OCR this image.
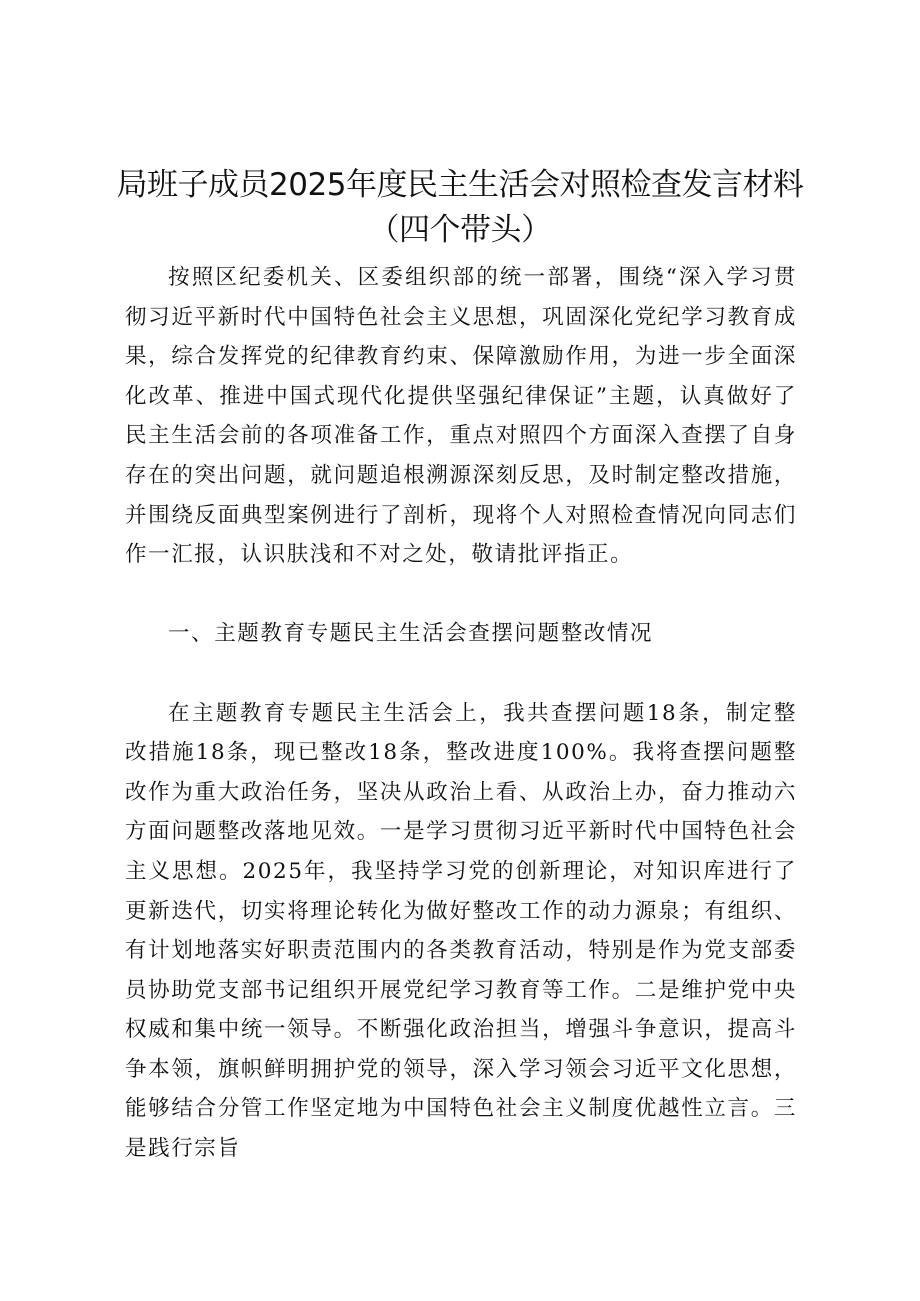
局班子成员2025年度民主生活会对照检查发言材料
（四个带头）

按照区纪委机关、区委组织部的统一部署，围绕“深入学习贯彻习近平新时代中国特色社会主义思想，巩固深化党纪学习教育成果，综合发挥党的纪律教育约束、保障激励作用，为进一步全面深化改革、推进中国式现代化提供坚强纪律保证”主题，认真做好了民主生活会前的各项准备工作，重点对照四个方面深入查摆了自身存在的突出问题，就问题追根溯源深刻反思，及时制定整改措施，并围绕反面典型案例进行了剖析，现将个人对照检查情况向同志们作一汇报，认识肤浅和不对之处，敬请批评指正。

一、主题教育专题民主生活会查摆问题整改情况

在主题教育专题民主生活会上，我共查摆问题18条，制定整改措施18条，现已整改18条，整改进度100%。我将查摆问题整改作为重大政治任务，坚决从政治上看、从政治上办，奋力推动六方面问题整改落地见效。一是学习贯彻习近平新时代中国特色社会主义思想。2025年，我坚持学习党的创新理论，对知识库进行了更新迭代，切实将理论转化为做好整改工作的动力源泉；有组织、有计划地落实好职责范围内的各类教育活动，特别是作为党支部委员协助党支部书记组织开展党纪学习教育等工作。二是维护党中央权威和集中统一领导。不断强化政治担当，增强斗争意识，提高斗争本领，旗帜鲜明拥护党的领导，深入学习领会习近平文化思想，能够结合分管工作坚定地为中国特色社会主义制度优越性立言。三是践行宗旨
